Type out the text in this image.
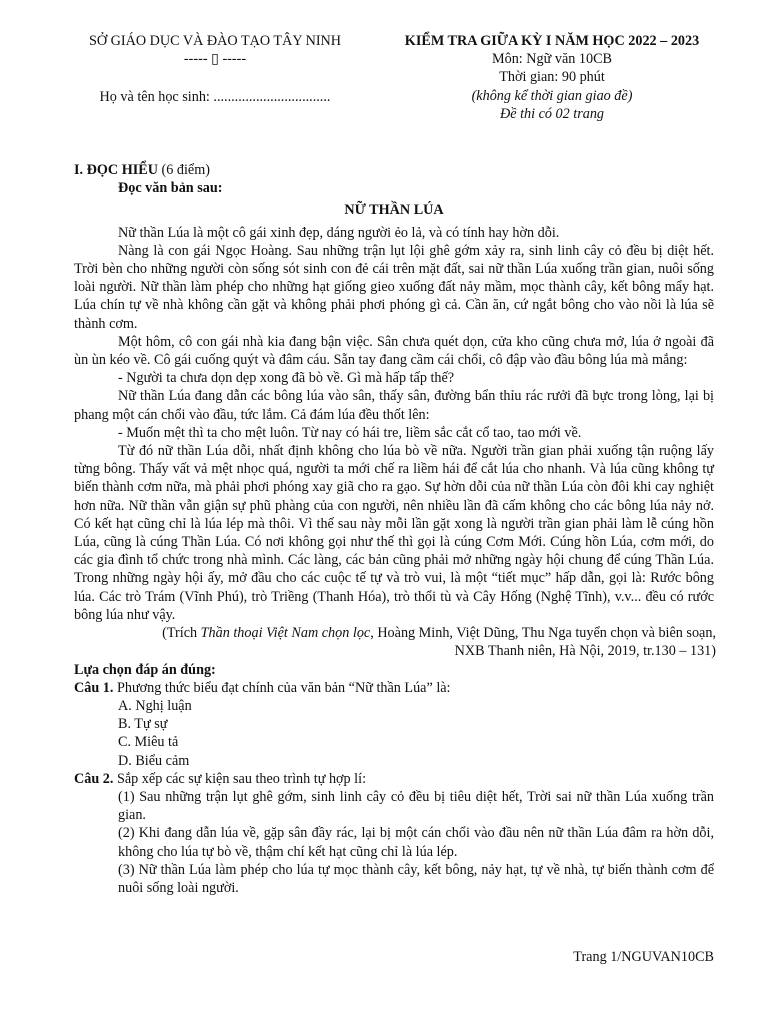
SỞ GIÁO DỤC VÀ ĐÀO TẠO TÂY NINH
----- ▯ -----
Họ và tên học sinh: .................................
KIỂM TRA GIỮA KỲ I NĂM HỌC 2022 – 2023
Môn: Ngữ văn 10CB
Thời gian: 90 phút
(không kể thời gian giao đề)
Đề thi có 02 trang
I. ĐỌC HIỂU (6 điểm)
Đọc văn bản sau:
NỮ THẦN LÚA

Nữ thần Lúa là một cô gái xinh đẹp, dáng người ẻo lả, và có tính hay hờn dỗi.

Nàng là con gái Ngọc Hoàng. Sau những trận lụt lội ghê gớm xảy ra, sinh linh cây cỏ đều bị diệt hết. Trời bèn cho những người còn sống sót sinh con đẻ cái trên mặt đất, sai nữ thần Lúa xuống trần gian, nuôi sống loài người. Nữ thần làm phép cho những hạt giống gieo xuống đất nảy mầm, mọc thành cây, kết bông mẩy hạt. Lúa chín tự về nhà không cần gặt và không phải phơi phóng gì cả. Cần ăn, cứ ngắt bông cho vào nồi là lúa sẽ thành cơm.

Một hôm, cô con gái nhà kia đang bận việc. Sân chưa quét dọn, cửa kho cũng chưa mở, lúa ở ngoài đã ùn ùn kéo về. Cô gái cuống quýt và đâm cáu. Sẵn tay đang cầm cái chổi, cô đập vào đầu bông lúa mà mắng:

- Người ta chưa dọn dẹp xong đã bò về. Gì mà hấp tấp thế?

Nữ thần Lúa đang dẫn các bông lúa vào sân, thấy sân, đường bẩn thỉu rác rưởi đã bực trong lòng, lại bị phang một cán chổi vào đầu, tức lắm. Cả đám lúa đều thốt lên:

- Muốn mệt thì ta cho mệt luôn. Từ nay có hái tre, liềm sắc cắt cổ tao, tao mới về.

Từ đó nữ thần Lúa dỗi, nhất định không cho lúa bò về nữa. Người trần gian phải xuống tận ruộng lấy từng bông. Thấy vất vả mệt nhọc quá, người ta mới chế ra liềm hái để cắt lúa cho nhanh. Và lúa cũng không tự biến thành cơm nữa, mà phải phơi phóng xay giã cho ra gạo. Sự hờn dỗi của nữ thần Lúa còn đôi khi cay nghiệt hơn nữa. Nữ thần vẫn giận sự phũ phàng của con người, nên nhiều lần đã cấm không cho các bông lúa nảy nở. Có kết hạt cũng chỉ là lúa lép mà thôi. Vì thế sau này mỗi lần gặt xong là người trần gian phải làm lễ cúng hồn Lúa, cũng là cúng Thần Lúa. Có nơi không gọi như thế thì gọi là cúng Cơm Mới. Cúng hồn Lúa, cơm mới, do các gia đình tổ chức trong nhà mình. Các làng, các bản cũng phải mở những ngày hội chung để cúng Thần Lúa. Trong những ngày hội ấy, mở đầu cho các cuộc tế tự và trò vui, là một “tiết mục” hấp dẫn, gọi là: Rước bông lúa. Các trò Trám (Vĩnh Phú), trò Triềng (Thanh Hóa), trò thổi tù và Cây Hống (Nghệ Tĩnh), v.v... đều có rước bông lúa như vậy.

(Trích Thần thoại Việt Nam chọn lọc, Hoàng Minh, Việt Dũng, Thu Nga tuyển chọn và biên soạn,
NXB Thanh niên, Hà Nội, 2019, tr.130 – 131)
Lựa chọn đáp án đúng:
Câu 1. Phương thức biểu đạt chính của văn bản “Nữ thần Lúa” là:
A. Nghị luận
B. Tự sự
C. Miêu tả
D. Biểu cảm
Câu 2. Sắp xếp các sự kiện sau theo trình tự hợp lí:
(1) Sau những trận lụt ghê gớm, sinh linh cây cỏ đều bị tiêu diệt hết, Trời sai nữ thần Lúa xuống trần gian.
(2) Khi đang dẫn lúa về, gặp sân đầy rác, lại bị một cán chổi vào đầu nên nữ thần Lúa đâm ra hờn dỗi, không cho lúa tự bò về, thậm chí kết hạt cũng chỉ là lúa lép.
(3) Nữ thần Lúa làm phép cho lúa tự mọc thành cây, kết bông, nảy hạt, tự về nhà, tự biến thành cơm để nuôi sống loài người.
Trang 1/NGUVAN10CB
